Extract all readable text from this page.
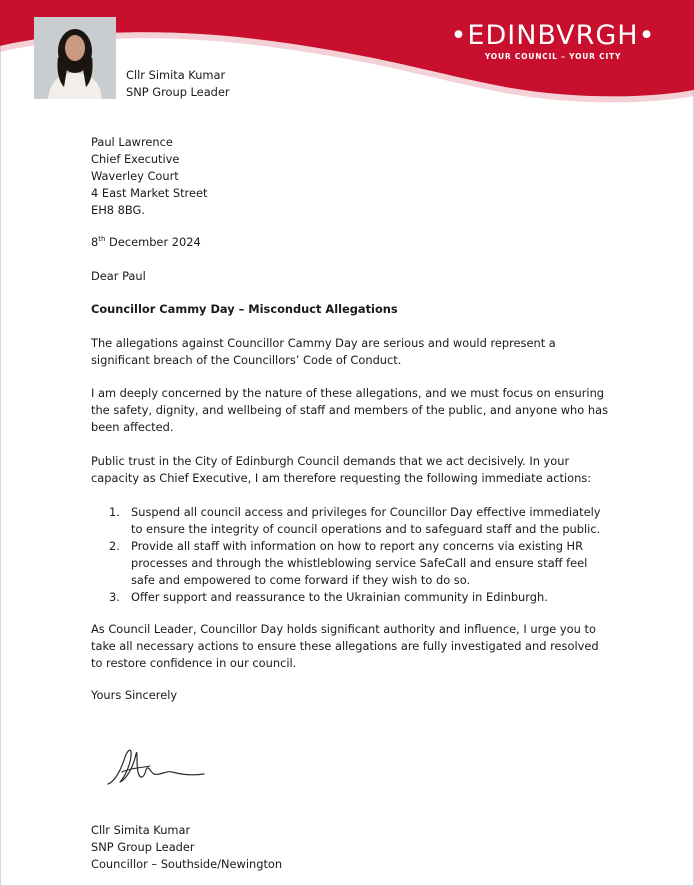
•EDINBVRGH•
YOUR COUNCIL – YOUR CITY
Cllr Simita Kumar
SNP Group Leader
Paul Lawrence
Chief Executive
Waverley Court
4 East Market Street
EH8 8BG.
8th December 2024
Dear Paul
Councillor Cammy Day – Misconduct Allegations
The allegations against Councillor Cammy Day are serious and would represent a significant breach of the Councillors’ Code of Conduct.
I am deeply concerned by the nature of these allegations, and we must focus on ensuring the safety, dignity, and wellbeing of staff and members of the public, and anyone who has been affected.
Public trust in the City of Edinburgh Council demands that we act decisively. In your capacity as Chief Executive, I am therefore requesting the following immediate actions:
1. Suspend all council access and privileges for Councillor Day effective immediately to ensure the integrity of council operations and to safeguard staff and the public.
2. Provide all staff with information on how to report any concerns via existing HR processes and through the whistleblowing service SafeCall and ensure staff feel safe and empowered to come forward if they wish to do so.
3. Offer support and reassurance to the Ukrainian community in Edinburgh.
As Council Leader, Councillor Day holds significant authority and influence, I urge you to take all necessary actions to ensure these allegations are fully investigated and resolved to restore confidence in our council.
Yours Sincerely
Cllr Simita Kumar
SNP Group Leader
Councillor – Southside/Newington
